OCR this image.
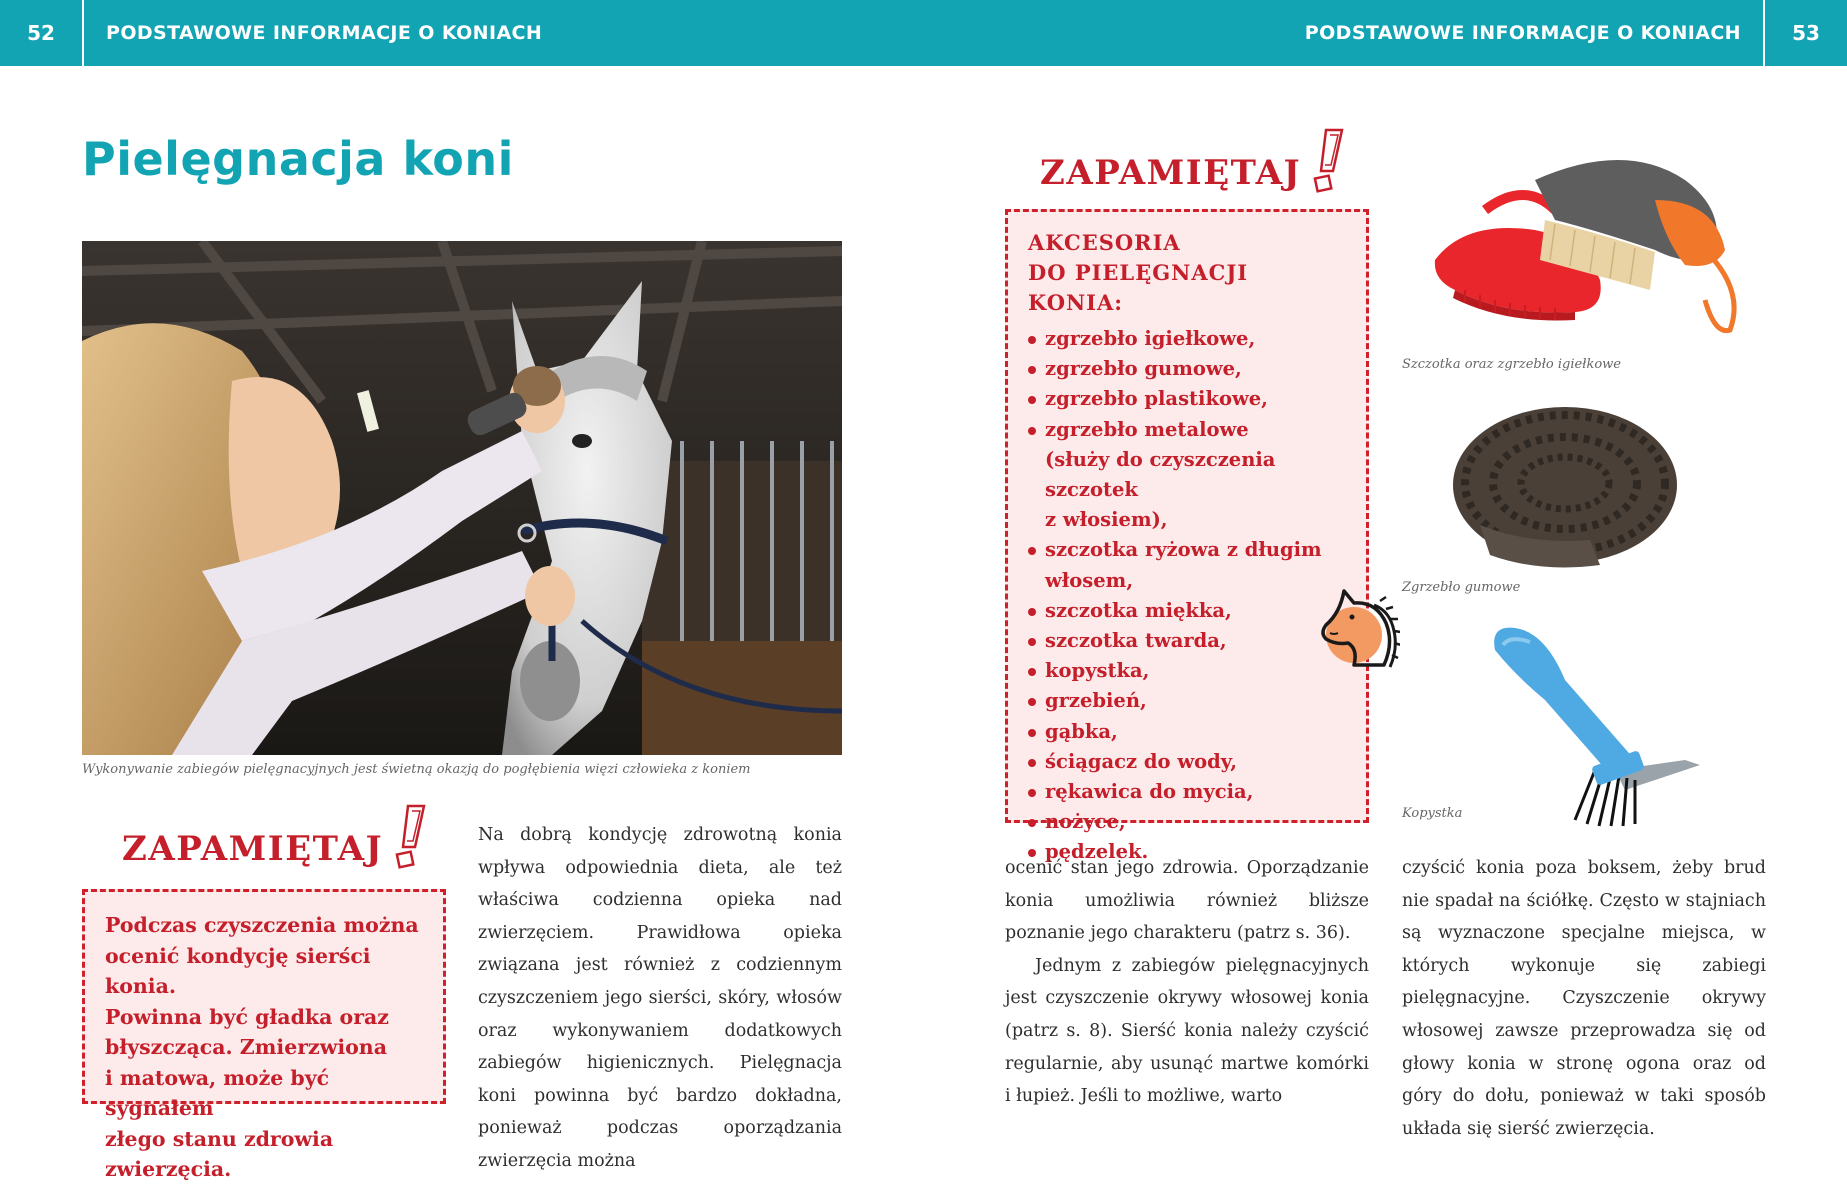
52	PODSTAWOWE INFORMACJE O KONIACH	PODSTAWOWE INFORMACJE O KONIACH	53
Pielęgnacja koni
Wykonywanie zabiegów pielęgnacyjnych jest świetną okazją do pogłębienia więzi człowieka z koniem
ZAPAMIĘTAJ

Podczas czyszczenia można
ocenić kondycję sierści konia.
Powinna być gładka oraz
błyszcząca. Zmierzwiona
i matowa, może być sygnałem
złego stanu zdrowia zwierzęcia.

Na dobrą kondycję zdrowotną konia wpływa odpowiednia dieta, ale też właściwa codzienna opieka nad zwierzęciem. Prawidłowa opieka związana jest również z codziennym czyszczeniem jego sierści, skóry, włosów oraz wykonywaniem dodatkowych zabiegów higienicznych. Pielęgnacja koni powinna być bardzo dokładna, ponieważ podczas oporządzania zwierzęcia można

ZAPAMIĘTAJ
AKCESORIA
DO PIELĘGNACJI KONIA:
zgrzebło igiełkowe,
zgrzebło gumowe,
zgrzebło plastikowe,
zgrzebło metalowe
(służy do czyszczenia szczotek
z włosiem),
szczotka ryżowa z długim
włosem,
szczotka miękka,
szczotka twarda,
kopystka,
grzebień,
gąbka,
ściągacz do wody,
rękawica do mycia,
nożyce,
pędzelek.
Szczotka oraz zgrzebło igiełkowe
Zgrzebło gumowe
Kopystka

ocenić stan jego zdrowia. Oporządzanie konia umożliwia również bliższe poznanie jego charakteru (patrz s. 36).

Jednym z zabiegów pielęgnacyjnych jest czyszczenie okrywy włosowej konia (patrz s. 8). Sierść konia należy czyścić regularnie, aby usunąć martwe komórki i łupież. Jeśli to możliwe, warto

czyścić konia poza boksem, żeby brud nie spadał na ściółkę. Często w stajniach są wyznaczone specjalne miejsca, w których wykonuje się zabiegi pielęgnacyjne. Czyszczenie okrywy włosowej zawsze przeprowadza się od głowy konia w stronę ogona oraz od góry do dołu, ponieważ w taki sposób układa się sierść zwierzęcia.
